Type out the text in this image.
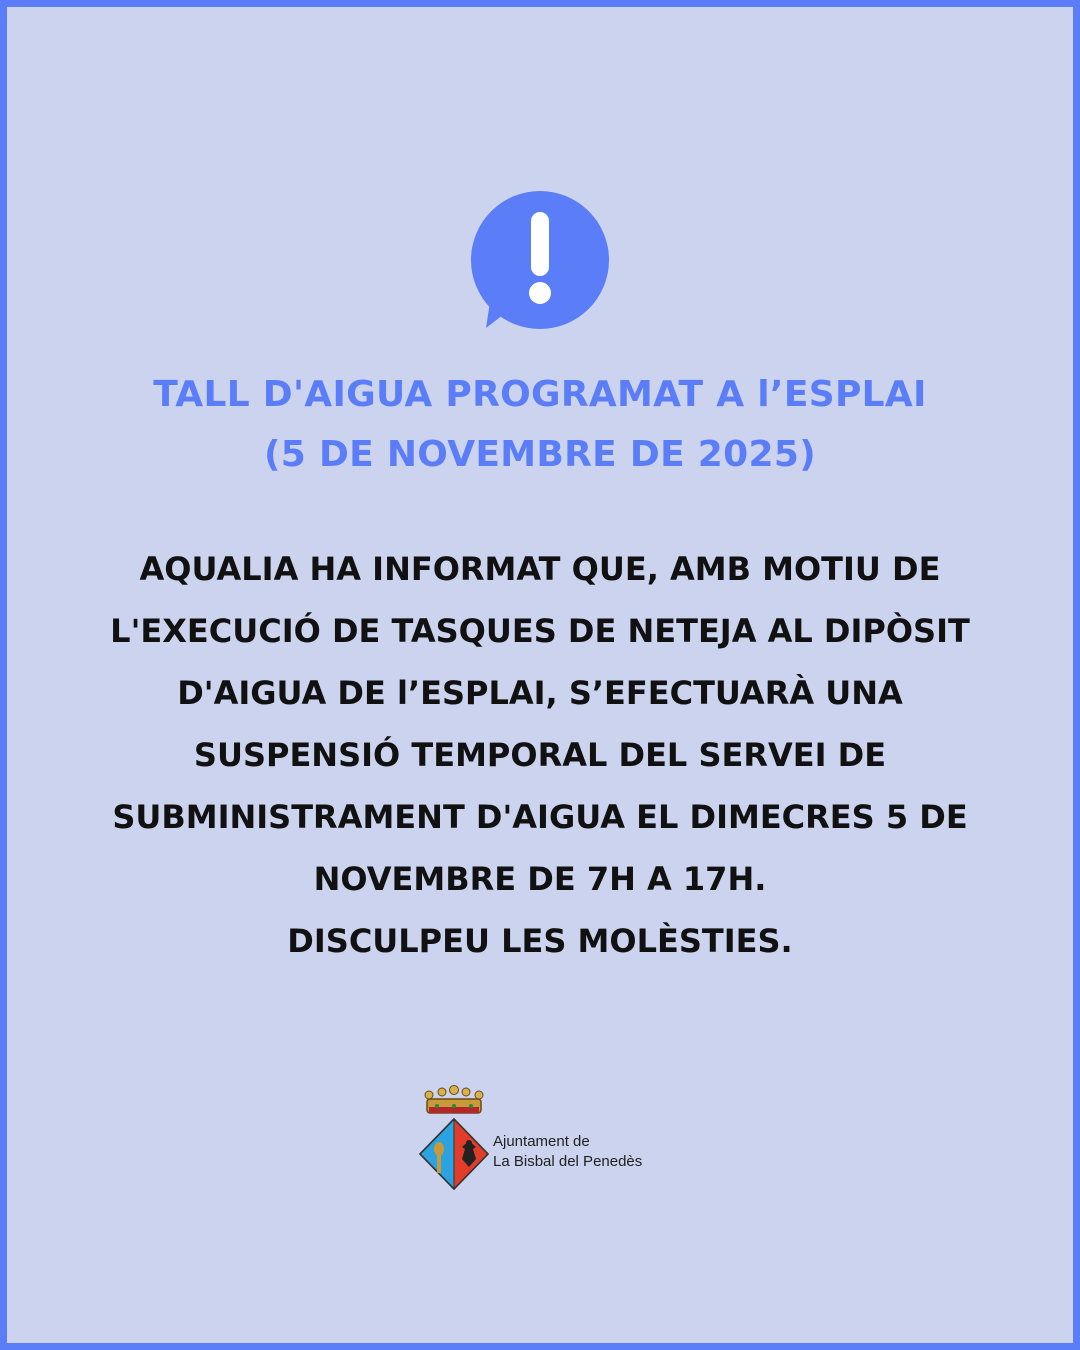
TALL D'AIGUA PROGRAMAT A l’ESPLAI
(5 DE NOVEMBRE DE 2025)

AQUALIA HA INFORMAT QUE, AMB MOTIU DE
L'EXECUCIÓ DE TASQUES DE NETEJA AL DIPÒSIT
D'AIGUA DE l’ESPLAI, S’EFECTUARÀ UNA
SUSPENSIÓ TEMPORAL DEL SERVEI DE
SUBMINISTRAMENT D'AIGUA EL DIMECRES 5 DE
NOVEMBRE DE 7H A 17H.
DISCULPEU LES MOLÈSTIES.

Ajuntament de
La Bisbal del Penedès
